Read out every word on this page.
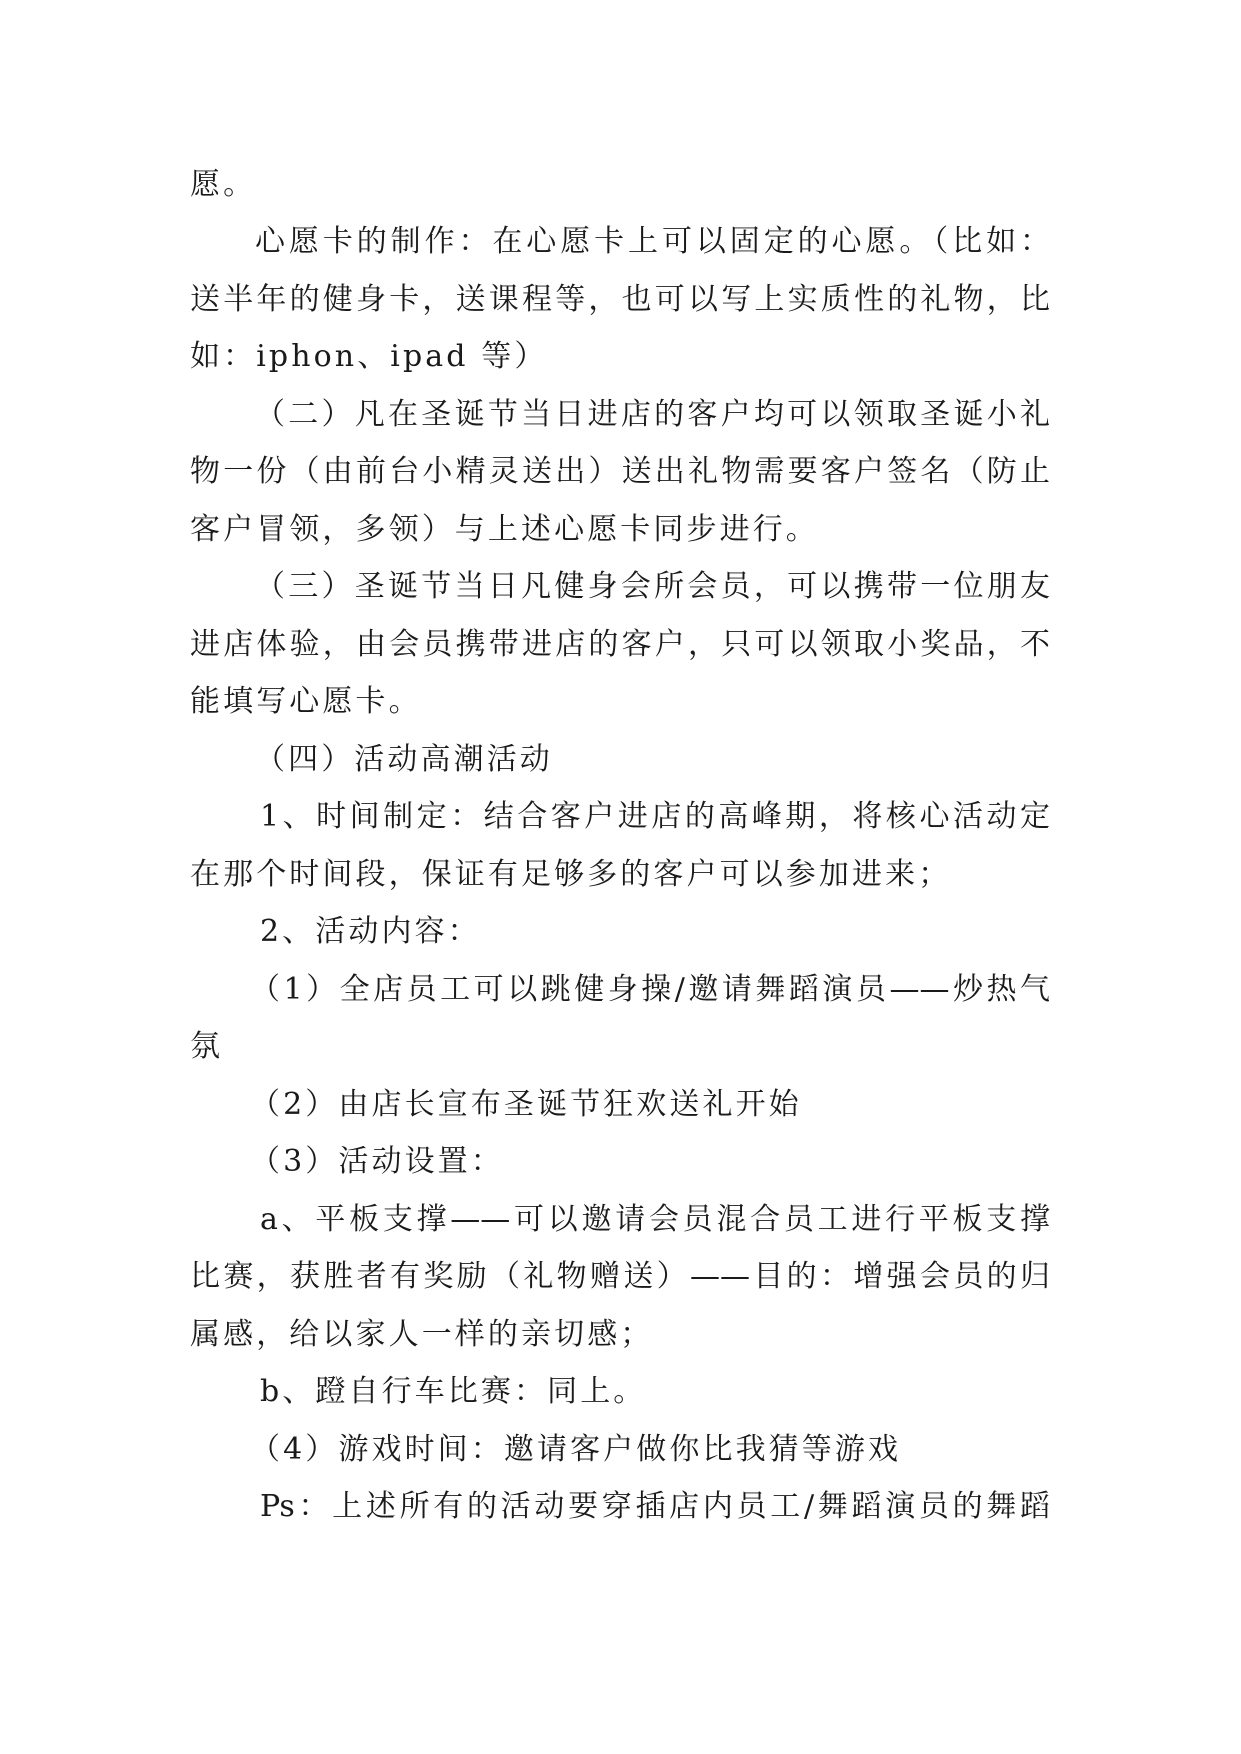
愿。
心愿卡的制作：在心愿卡上可以固定的心愿。（比如：
送半年的健身卡，送课程等，也可以写上实质性的礼物，比
如：iphon、ipad 等）
（二）凡在圣诞节当日进店的客户均可以领取圣诞小礼
物一份（由前台小精灵送出）送出礼物需要客户签名（防止
客户冒领，多领）与上述心愿卡同步进行。
（三）圣诞节当日凡健身会所会员，可以携带一位朋友
进店体验，由会员携带进店的客户，只可以领取小奖品，不
能填写心愿卡。
（四）活动高潮活动
1、时间制定：结合客户进店的高峰期，将核心活动定
在那个时间段，保证有足够多的客户可以参加进来；
2、活动内容：
（1）全店员工可以跳健身操/邀请舞蹈演员——炒热气
氛
（2）由店长宣布圣诞节狂欢送礼开始
（3）活动设置：
a、平板支撑——可以邀请会员混合员工进行平板支撑
比赛，获胜者有奖励（礼物赠送）——目的：增强会员的归
属感，给以家人一样的亲切感；
b、蹬自行车比赛：同上。
（4）游戏时间：邀请客户做你比我猜等游戏
Ps：上述所有的活动要穿插店内员工/舞蹈演员的舞蹈
